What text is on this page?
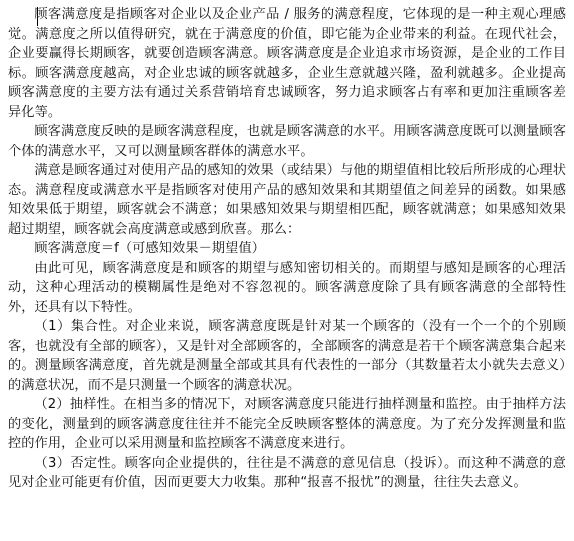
顾客满意度是指顾客对企业以及企业产品 / 服务的满意程度，它体现的是一种主观心理感觉。满意度之所以值得研究，就在于满意度的价值，即它能为企业带来的利益。在现代社会，企业要赢得长期顾客，就要创造顾客满意。顾客满意度是企业追求市场资源，是企业的工作目标。顾客满意度越高，对企业忠诚的顾客就越多，企业生意就越兴隆，盈利就越多。企业提高顾客满意度的主要方法有通过关系营销培育忠诚顾客，努力追求顾客占有率和更加注重顾客差异化等。

顾客满意度反映的是顾客满意程度，也就是顾客满意的水平。用顾客满意度既可以测量顾客个体的满意水平，又可以测量顾客群体的满意水平。

满意是顾客通过对使用产品的感知的效果（或结果）与他的期望值相比较后所形成的心理状态。满意程度或满意水平是指顾客对使用产品的感知效果和其期望值之间差异的函数。如果感知效果低于期望，顾客就会不满意；如果感知效果与期望相匹配，顾客就满意；如果感知效果超过期望，顾客就会高度满意或感到欣喜。那么：

顾客满意度＝f（可感知效果－期望值）

由此可见，顾客满意度是和顾客的期望与感知密切相关的。而期望与感知是顾客的心理活动，这种心理活动的模糊属性是绝对不容忽视的。顾客满意度除了具有顾客满意的全部特性外，还具有以下特性。

（1）集合性。对企业来说，顾客满意度既是针对某一个顾客的（没有一个一个的个别顾客，也就没有全部的顾客），又是针对全部顾客的，全部顾客的满意是若干个顾客满意集合起来的。测量顾客满意度，首先就是测量全部或其具有代表性的一部分（其数量若太小就失去意义）的满意状况，而不是只测量一个顾客的满意状况。

（2）抽样性。在相当多的情况下，对顾客满意度只能进行抽样测量和监控。由于抽样方法的变化，测量到的顾客满意度往往并不能完全反映顾客整体的满意度。为了充分发挥测量和监控的作用，企业可以采用测量和监控顾客不满意度来进行。

（3）否定性。顾客向企业提供的，往往是不满意的意见信息（投诉）。而这种不满意的意见对企业可能更有价值，因而更要大力收集。那种“报喜不报忧”的测量，往往失去意义。
